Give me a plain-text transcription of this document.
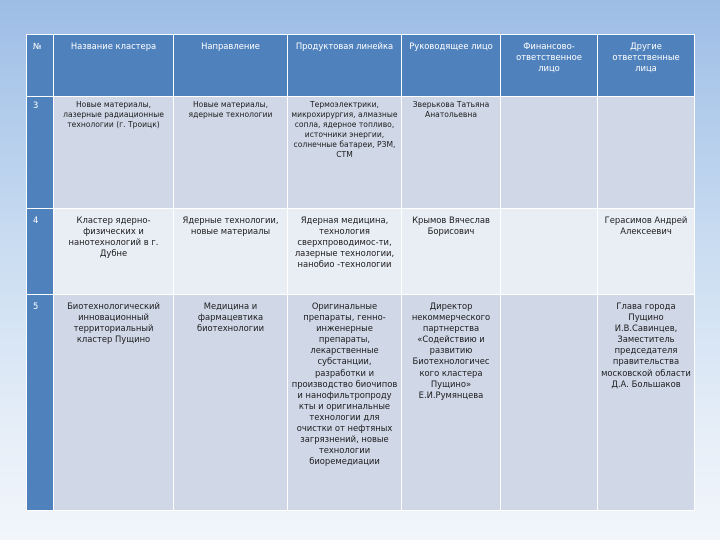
№	Название кластера	Направление	Продуктовая линейка	Руководящее лицо	Финансово-ответственное лицо	Другие ответственные лица
3	Новые материалы, лазерные радиационные технологии (г. Троицк)	Новые материалы, ядерные технологии	Термоэлектрики, микрохирургия, алмазные сопла, ядерное топливо, источники энергии, солнечные батареи, РЗМ, СТМ	Зверькова Татьяна Анатольевна		
4	Кластер ядерно-физических и нанотехнологий в г. Дубне	Ядерные технологии, новые материалы	Ядерная медицина, технология сверхпроводимос-ти, лазерные технологии, нанобио -технологии	Крымов Вячеслав Борисович		Герасимов Андрей Алексеевич
5	Биотехнологический инновационный территориальный кластер Пущино	Медицина и фармацевтика биотехнологии	Оригинальные препараты, генно-инженерные препараты, лекарственные субстанции, разработки и производство биочипов и нанофильтропроду кты и оригинальные технологии для очистки от нефтяных загрязнений, новые технологии биоремедиации	Директор некоммерческого партнерства «Содействию и развитию Биотехнологичес кого кластера Пущино» Е.И.Румянцева		Глава города Пущино И.В.Савинцев, Заместитель председателя правительства московской области Д.А. Большаков
